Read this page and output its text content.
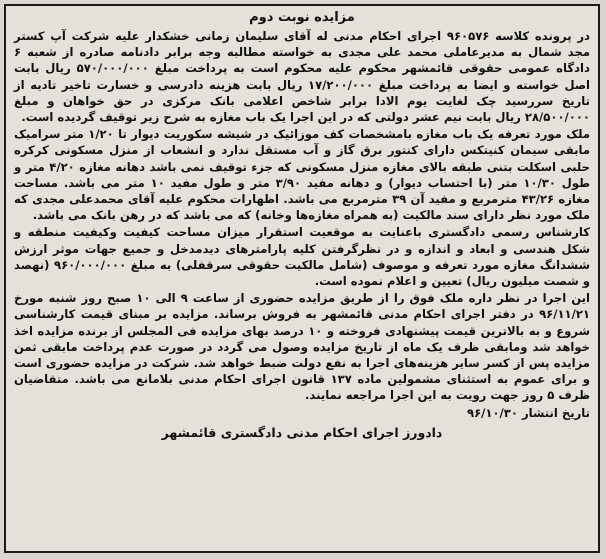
مزایده نوبت دوم
در پرونده کلاسه ۹۶۰۵۷۶ اجرای احکام مدنی له آقای سلیمان زمانی خشکدار علیه شرکت آپ کستر مجد شمال به مدیرعاملی محمد علی مجدی به خواسته مطالبه وجه برابر دادنامه صادره از شعبه ۶ دادگاه عمومی حقوقی قائمشهر محکوم علیه محکوم است به پرداخت مبلغ ۵۷۰/۰۰۰/۰۰۰ ریال بابت اصل خواسته و ایضا به پرداخت مبلغ ۱۷/۲۰۰/۰۰۰ ریال بابت هزینه دادرسی و خسارت تاخیر تادیه از تاریخ سررسید چک لغایت یوم الادا برابر شاخص اعلامی بانک مرکزی در حق خواهان و مبلغ ۲۸/۵۰۰/۰۰۰ ریال بابت نیم عشر دولتی که در این اجرا یک باب مغازه به شرح زیر توقیف گردیده است.
ملک مورد تعرفه یک باب مغازه بامشخصات کف موزائیک در شیشه سکوریت دیوار تا ۱/۲۰ متر سرامیک مابقی سیمان کنیتکس دارای کنتور برق گاز و آب مستقل ندارد و انشعاب از منزل مسکونی کرکره حلبی اسکلت بتنی طبقه بالای مغازه منزل مسکونی که جزء توقیف نمی باشد دهانه مغازه ۴/۲۰ متر و طول ۱۰/۳۰ متر (با احتساب دیوار) و دهانه مفید ۳/۹۰ متر و طول مفید ۱۰ متر می باشد. مساحت مغازه ۴۳/۲۶ مترمربع و مفید آن ۳۹ مترمربع می باشد. اظهارات محکوم علیه آقای محمدعلی مجدی که ملک مورد نظر دارای سند مالکیت (به همراه مغازه‌ها وخانه) که می باشد که در رهن بانک می باشد.
کارشناس رسمی دادگستری باعنایت به موقعیت استقرار میزان مساحت کیفیت وکیفیت منطقه و شکل هندسی و ابعاد و اندازه و در نظرگرفتن کلیه پارامترهای دیدمدخل و جمیع جهات موثر ارزش ششدانگ مغازه مورد تعرفه و موصوف (شامل مالکیت حقوقی سرقفلی) به مبلغ ۹۶۰/۰۰۰/۰۰۰ (نهصد و شصت میلیون ریال) تعیین و اعلام نموده است.
این اجرا در نظر داره ملک فوق را از طریق مزایده حضوری از ساعت ۹ الی ۱۰ صبح روز شنبه مورخ ۹۶/۱۱/۲۱ در دفتر اجرای احکام مدنی قائمشهر به فروش برساند. مزایده بر مبنای قیمت کارشناسی شروع و به بالاترین قیمت پیشنهادی فروخته و ۱۰ درصد بهای مزایده فی المجلس از برنده مزایده اخذ خواهد شد ومابقی ظرف یک ماه از تاریخ مزایده وصول می گردد در صورت عدم پرداخت مابقی ثمن مزایده پس از کسر سایر هزینه‌های اجرا به نفع دولت ضبط خواهد شد. شرکت در مزایده حضوری است و برای عموم به استثنای مشمولین ماده ۱۳۷ قانون اجرای احکام مدنی بلامانع می باشد. متقاضیان ظرف ۵ روز جهت رویت به این اجرا مراجعه نمایند.
تاریخ انتشار ۹۶/۱۰/۳۰
دادورز اجرای احکام مدنی دادگستری قائمشهر
